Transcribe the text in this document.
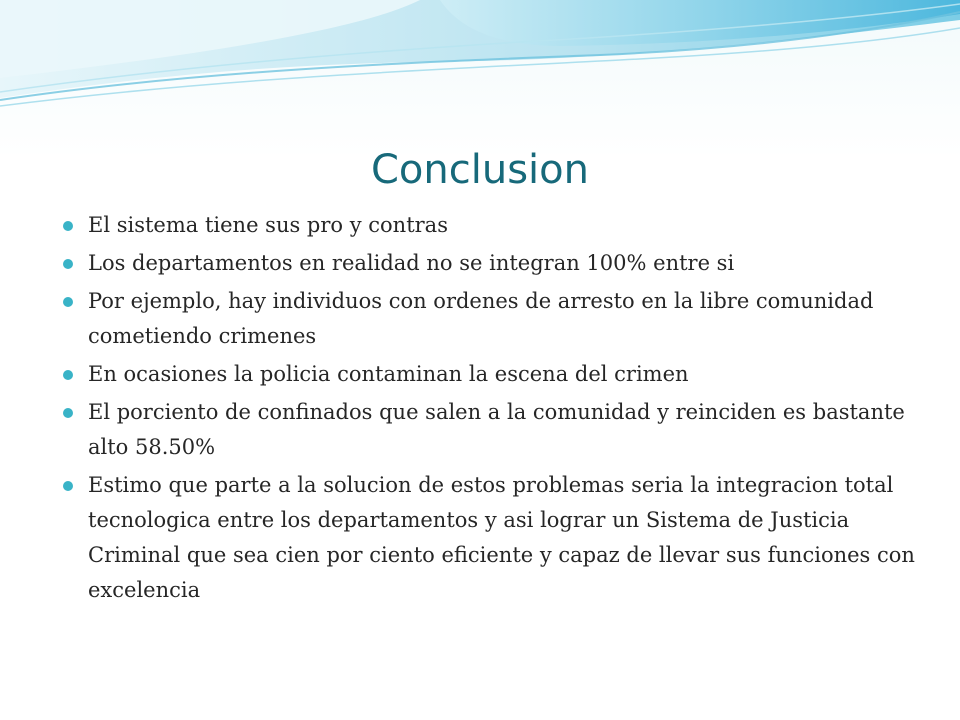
Conclusion
El sistema tiene sus pro y contras
Los departamentos en realidad no se integran 100% entre si
Por ejemplo, hay individuos con ordenes de arresto en la libre comunidad cometiendo crimenes
En ocasiones la policia contaminan la escena del crimen
El porciento de confinados que salen a la comunidad y reinciden es bastante alto 58.50%
Estimo que parte a la solucion de estos problemas seria la integracion total tecnologica entre los departamentos y asi lograr un Sistema de Justicia Criminal que sea cien por ciento eficiente y capaz de llevar sus funciones con excelencia
